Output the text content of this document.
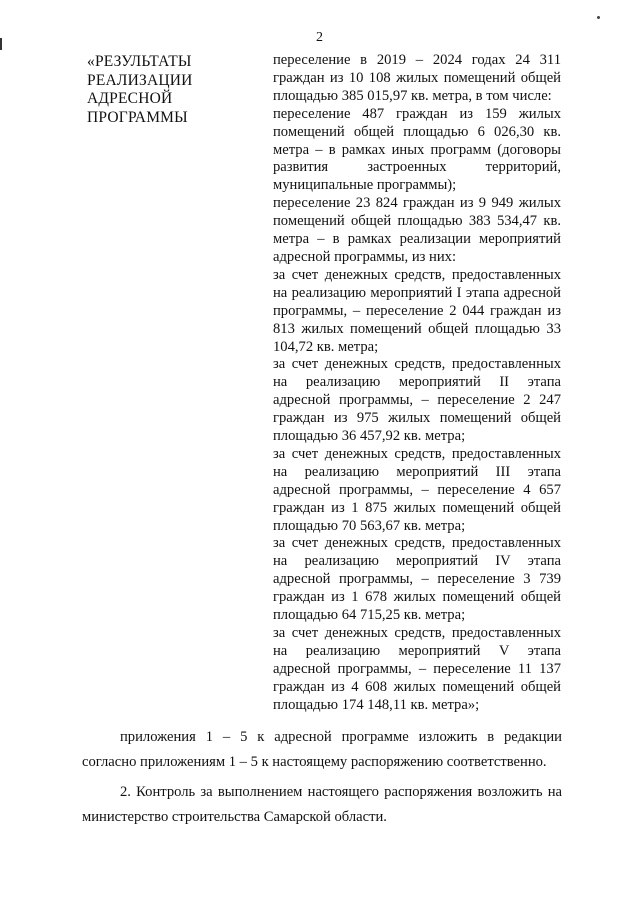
2
«РЕЗУЛЬТАТЫ
РЕАЛИЗАЦИИ
АДРЕСНОЙ
ПРОГРАММЫ

переселение в 2019 – 2024 годах 24 311 граждан из 10 108 жилых помещений общей площадью 385 015,97 кв. метра, в том числе:

переселение 487 граждан из 159 жилых помещений общей площадью 6 026,30 кв. метра – в рамках иных программ (договоры развития застроенных территорий, муниципальные программы);

переселение 23 824 граждан из 9 949 жилых помещений общей площадью 383 534,47 кв. метра – в рамках реализации мероприятий адресной программы, из них:

за счет денежных средств, предоставленных на реализацию мероприятий I этапа адресной программы, – переселение 2 044 граждан из 813 жилых помещений общей площадью 33 104,72 кв. метра;

за счет денежных средств, предоставленных на реализацию мероприятий II этапа адресной программы, – переселение 2 247 граждан из 975 жилых помещений общей площадью 36 457,92 кв. метра;

за счет денежных средств, предоставленных на реализацию мероприятий III этапа адресной программы, – переселение 4 657 граждан из 1 875 жилых помещений общей площадью 70 563,67 кв. метра;

за счет денежных средств, предоставленных на реализацию мероприятий IV этапа адресной программы, – переселение 3 739 граждан из 1 678 жилых помещений общей площадью 64 715,25 кв. метра;

за счет денежных средств, предоставленных на реализацию мероприятий V этапа адресной программы, – переселение 11 137 граждан из 4 608 жилых помещений общей площадью 174 148,11 кв. метра»;

приложения 1 – 5 к адресной программе изложить в редакции согласно приложениям 1 – 5 к настоящему распоряжению соответственно.

2. Контроль за выполнением настоящего распоряжения возложить на министерство строительства Самарской области.
